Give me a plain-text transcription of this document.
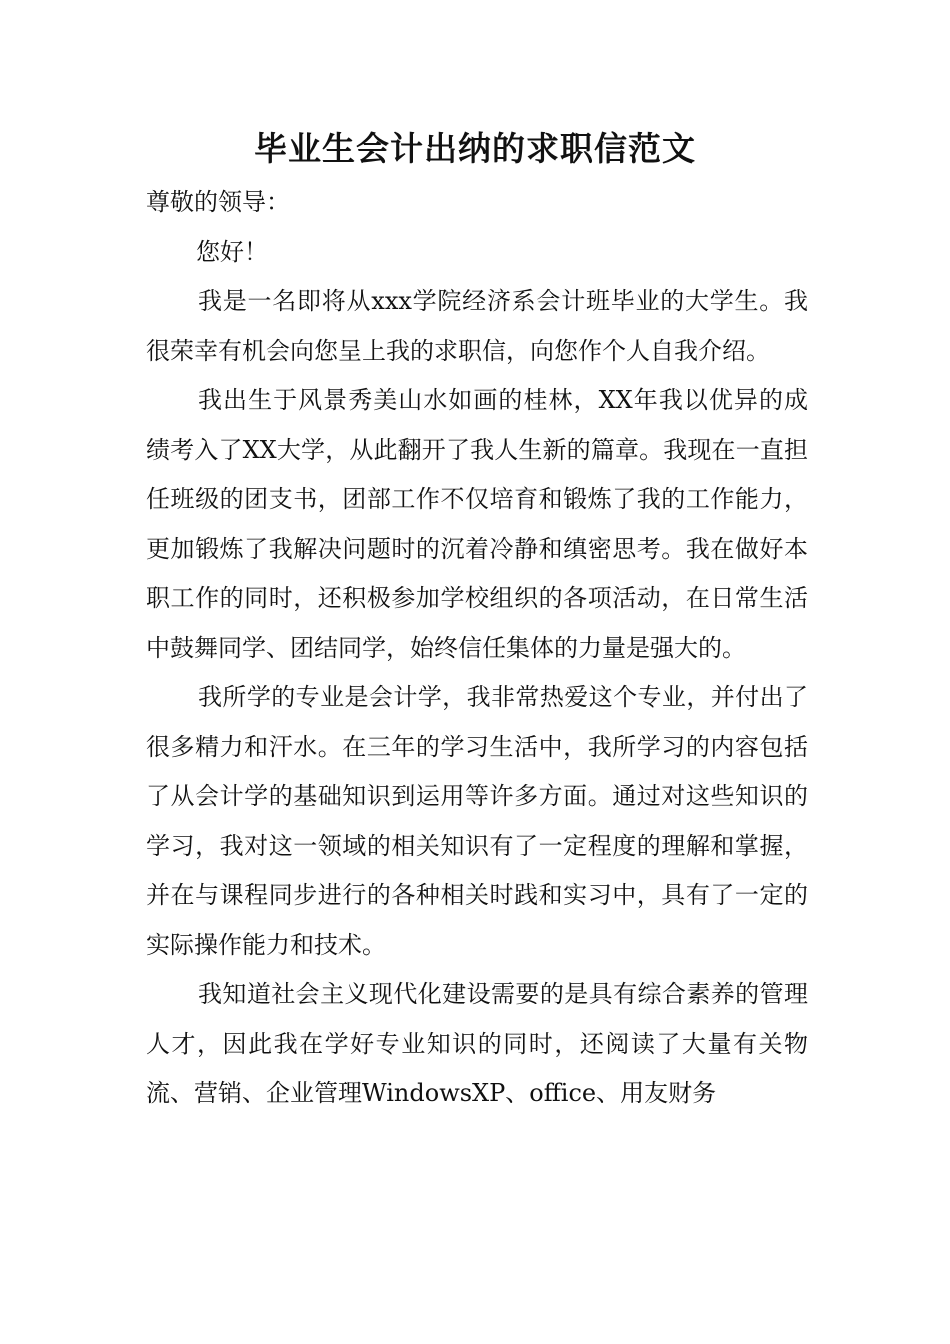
毕业生会计出纳的求职信范文

尊敬的领导：

您好！

我是一名即将从xxx学院经济系会计班毕业的大学生。我很荣幸有机会向您呈上我的求职信，向您作个人自我介绍。

我出生于风景秀美山水如画的桂林，XX年我以优异的成绩考入了XX大学，从此翻开了我人生新的篇章。我现在一直担任班级的团支书，团部工作不仅培育和锻炼了我的工作能力，更加锻炼了我解决问题时的沉着冷静和缜密思考。我在做好本职工作的同时，还积极参加学校组织的各项活动，在日常生活中鼓舞同学、团结同学，始终信任集体的力量是强大的。

我所学的专业是会计学，我非常热爱这个专业，并付出了很多精力和汗水。在三年的学习生活中，我所学习的内容包括了从会计学的基础知识到运用等许多方面。通过对这些知识的学习，我对这一领域的相关知识有了一定程度的理解和掌握，并在与课程同步进行的各种相关时践和实习中，具有了一定的实际操作能力和技术。

我知道社会主义现代化建设需要的是具有综合素养的管理人才，因此我在学好专业知识的同时，还阅读了大量有关物流、营销、企业管理WindowsXP、office、用友财务
